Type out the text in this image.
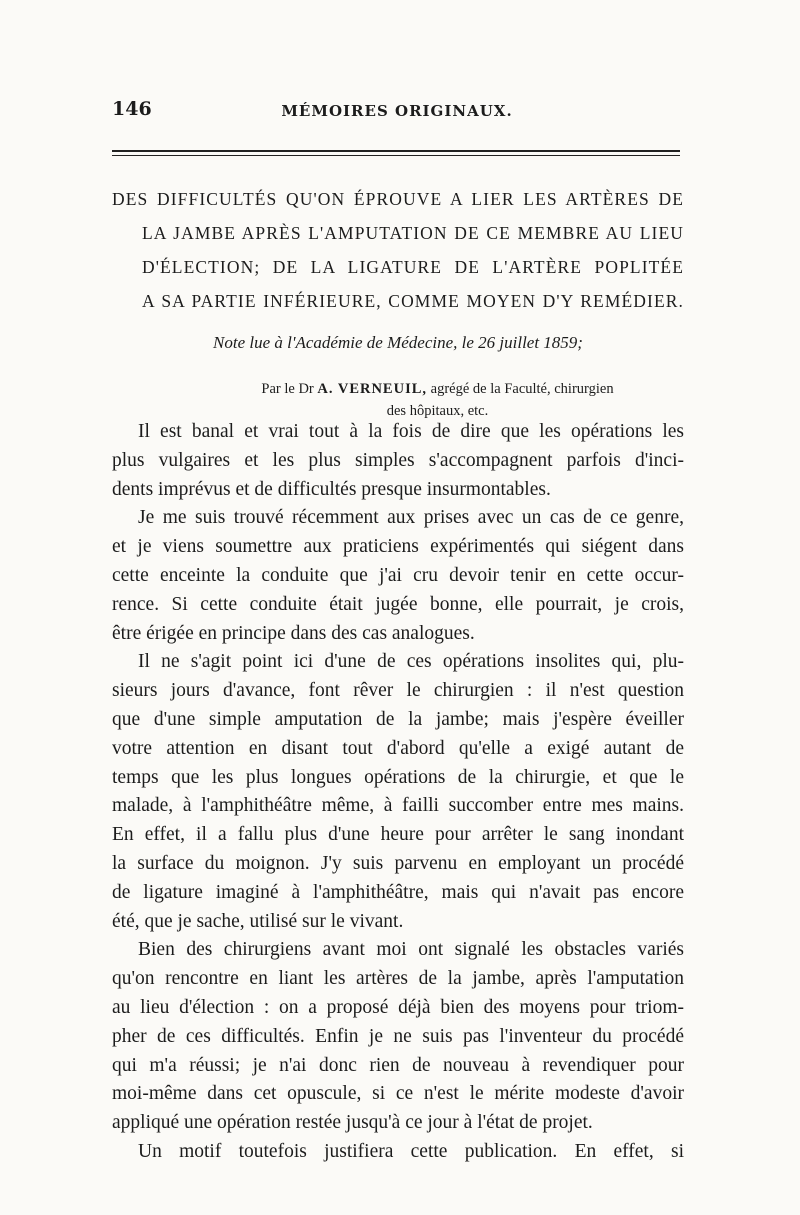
146	MÉMOIRES ORIGINAUX.
DES DIFFICULTÉS QU'ON ÉPROUVE A LIER LES ARTÈRES DE
LA JAMBE APRÈS L'AMPUTATION DE CE MEMBRE AU LIEU
D'ÉLECTION; DE LA LIGATURE DE L'ARTÈRE POPLITÉE
A SA PARTIE INFÉRIEURE, COMME MOYEN D'Y REMÉDIER.
Note lue à l'Académie de Médecine, le 26 juillet 1859;
Par le Dr A. VERNEUIL, agrégé de la Faculté, chirurgien
des hôpitaux, etc.
Il est banal et vrai tout à la fois de dire que les opérations les
plus vulgaires et les plus simples s'accompagnent parfois d'inci-
dents imprévus et de difficultés presque insurmontables.
Je me suis trouvé récemment aux prises avec un cas de ce genre,
et je viens soumettre aux praticiens expérimentés qui siégent dans
cette enceinte la conduite que j'ai cru devoir tenir en cette occur-
rence. Si cette conduite était jugée bonne, elle pourrait, je crois,
être érigée en principe dans des cas analogues.
Il ne s'agit point ici d'une de ces opérations insolites qui, plu-
sieurs jours d'avance, font rêver le chirurgien : il n'est question
que d'une simple amputation de la jambe; mais j'espère éveiller
votre attention en disant tout d'abord qu'elle a exigé autant de
temps que les plus longues opérations de la chirurgie, et que le
malade, à l'amphithéâtre même, à failli succomber entre mes mains.
En effet, il a fallu plus d'une heure pour arrêter le sang inondant
la surface du moignon. J'y suis parvenu en employant un procédé
de ligature imaginé à l'amphithéâtre, mais qui n'avait pas encore
été, que je sache, utilisé sur le vivant.
Bien des chirurgiens avant moi ont signalé les obstacles variés
qu'on rencontre en liant les artères de la jambe, après l'amputation
au lieu d'élection : on a proposé déjà bien des moyens pour triom-
pher de ces difficultés. Enfin je ne suis pas l'inventeur du procédé
qui m'a réussi; je n'ai donc rien de nouveau à revendiquer pour
moi-même dans cet opuscule, si ce n'est le mérite modeste d'avoir
appliqué une opération restée jusqu'à ce jour à l'état de projet.
Un motif toutefois justifiera cette publication. En effet, si
